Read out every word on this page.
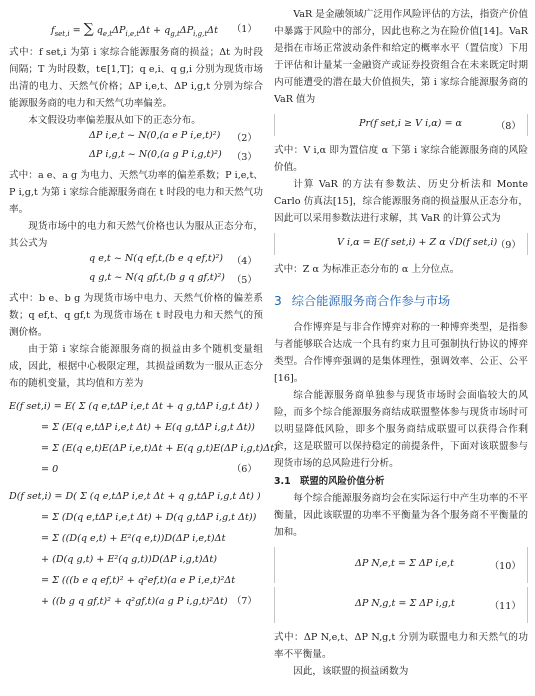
$f_{set,i}$ = ∑ $q_{e,t}\Delta P_{i,e,t}\Delta t + q_{g,t}\Delta P_{i,g,t}\Delta t$ （1）

式中：f set,i 为第 i 家综合能源服务商的损益；Δt 为时段间隔；T 为时段数，t∈[1,T]；q e,i、q g,i 分别为现货市场出清的电力、天然气价格；ΔP i,e,t、ΔP i,g,t 分别为综合能源服务商的电力和天然气功率偏差。

本文假设功率偏差服从如下的正态分布。

ΔP i,e,t ~ N(0,(a e P i,e,t)²) （2）
ΔP i,g,t ~ N(0,(a g P i,g,t)²) （3）

式中：a e、a g 为电力、天然气功率的偏差系数；P i,e,t、P i,g,t 为第 i 家综合能源服务商在 t 时段的电力和天然气功率。

现货市场中的电力和天然气价格也认为服从正态分布，其公式为

q e,t ~ N(q ef,t,(b e q ef,t)²) （4）
q g,t ~ N(q gf,t,(b g q gf,t)²) （5）

式中：b e、b g 为现货市场中电力、天然气价格的偏差系数；q ef,t、q gf,t 为现货市场在 t 时段电力和天然气的预测价格。

由于第 i 家综合能源服务商的损益由多个随机变量组成，因此，根据中心极限定理，其损益函数为一服从正态分布的随机变量，其均值和方差为

E(f set,i) = E( Σ (q e,tΔP i,e,t Δt + q g,tΔP i,g,t Δt) )
= Σ (E(q e,tΔP i,e,t Δt) + E(q g,tΔP i,g,t Δt))
= Σ (E(q e,t)E(ΔP i,e,t)Δt + E(q g,t)E(ΔP i,g,t)Δt)
= 0	（6）
D(f set,i) = D( Σ (q e,tΔP i,e,t Δt + q g,tΔP i,g,t Δt) )
= Σ (D(q e,tΔP i,e,t Δt) + D(q g,tΔP i,g,t Δt))
= Σ ((D(q e,t) + E²(q e,t))D(ΔP i,e,t)Δt
+ (D(q g,t) + E²(q g,t))D(ΔP i,g,t)Δt)
= Σ (((b e q ef,t)² + q²ef,t)(a e P i,e,t)²Δt
+ ((b g q gf,t)² + q²gf,t)(a g P i,g,t)²Δt) （7）

VaR 是金融领域广泛用作风险评估的方法，指资产价值中暴露于风险中的部分，因此也称之为在险价值[14]。VaR 是指在市场正常波动条件和给定的概率水平（置信度）下用于评估和计量某一金融资产或证券投资组合在未来既定时期内可能遭受的潜在最大价值损失，第 i 家综合能源服务商的 VaR 值为

Pr(f set,i ≥ V i,α) = α	（8）

式中：V i,α 即为置信度 α 下第 i 家综合能源服务商的风险价值。

计算 VaR 的方法有参数法、历史分析法和 Monte Carlo 仿真法[15]，综合能源服务商的损益服从正态分布，因此可以采用参数法进行求解，其 VaR 的计算公式为

V i,α = E(f set,i) + Z α √D(f set,i)
（9）

式中：Z α 为标准正态分布的 α 上分位点。

3 综合能源服务商合作参与市场

合作博弈是与非合作博弈对称的一种博弈类型，是指参与者能够联合达成一个具有约束力且可强制执行协议的博弈类型。合作博弈强调的是集体理性，强调效率、公正、公平[16]。

综合能源服务商单独参与现货市场时会面临较大的风险，而多个综合能源服务商结成联盟整体参与现货市场时可以明显降低风险，即多个服务商结成联盟可以获得合作剩余，这是联盟可以保持稳定的前提条件，下面对该联盟参与现货市场的总风险进行分析。

3.1　联盟的风险价值分析

每个综合能源服务商均会在实际运行中产生功率的不平衡量，因此该联盟的功率不平衡量为各个服务商不平衡量的加和。

ΔP N,e,t = Σ ΔP i,e,t	（10）
ΔP N,g,t = Σ ΔP i,g,t	（11）

式中：ΔP N,e,t、ΔP N,g,t 分别为联盟电力和天然气的功率不平衡量。

因此，该联盟的损益函数为
